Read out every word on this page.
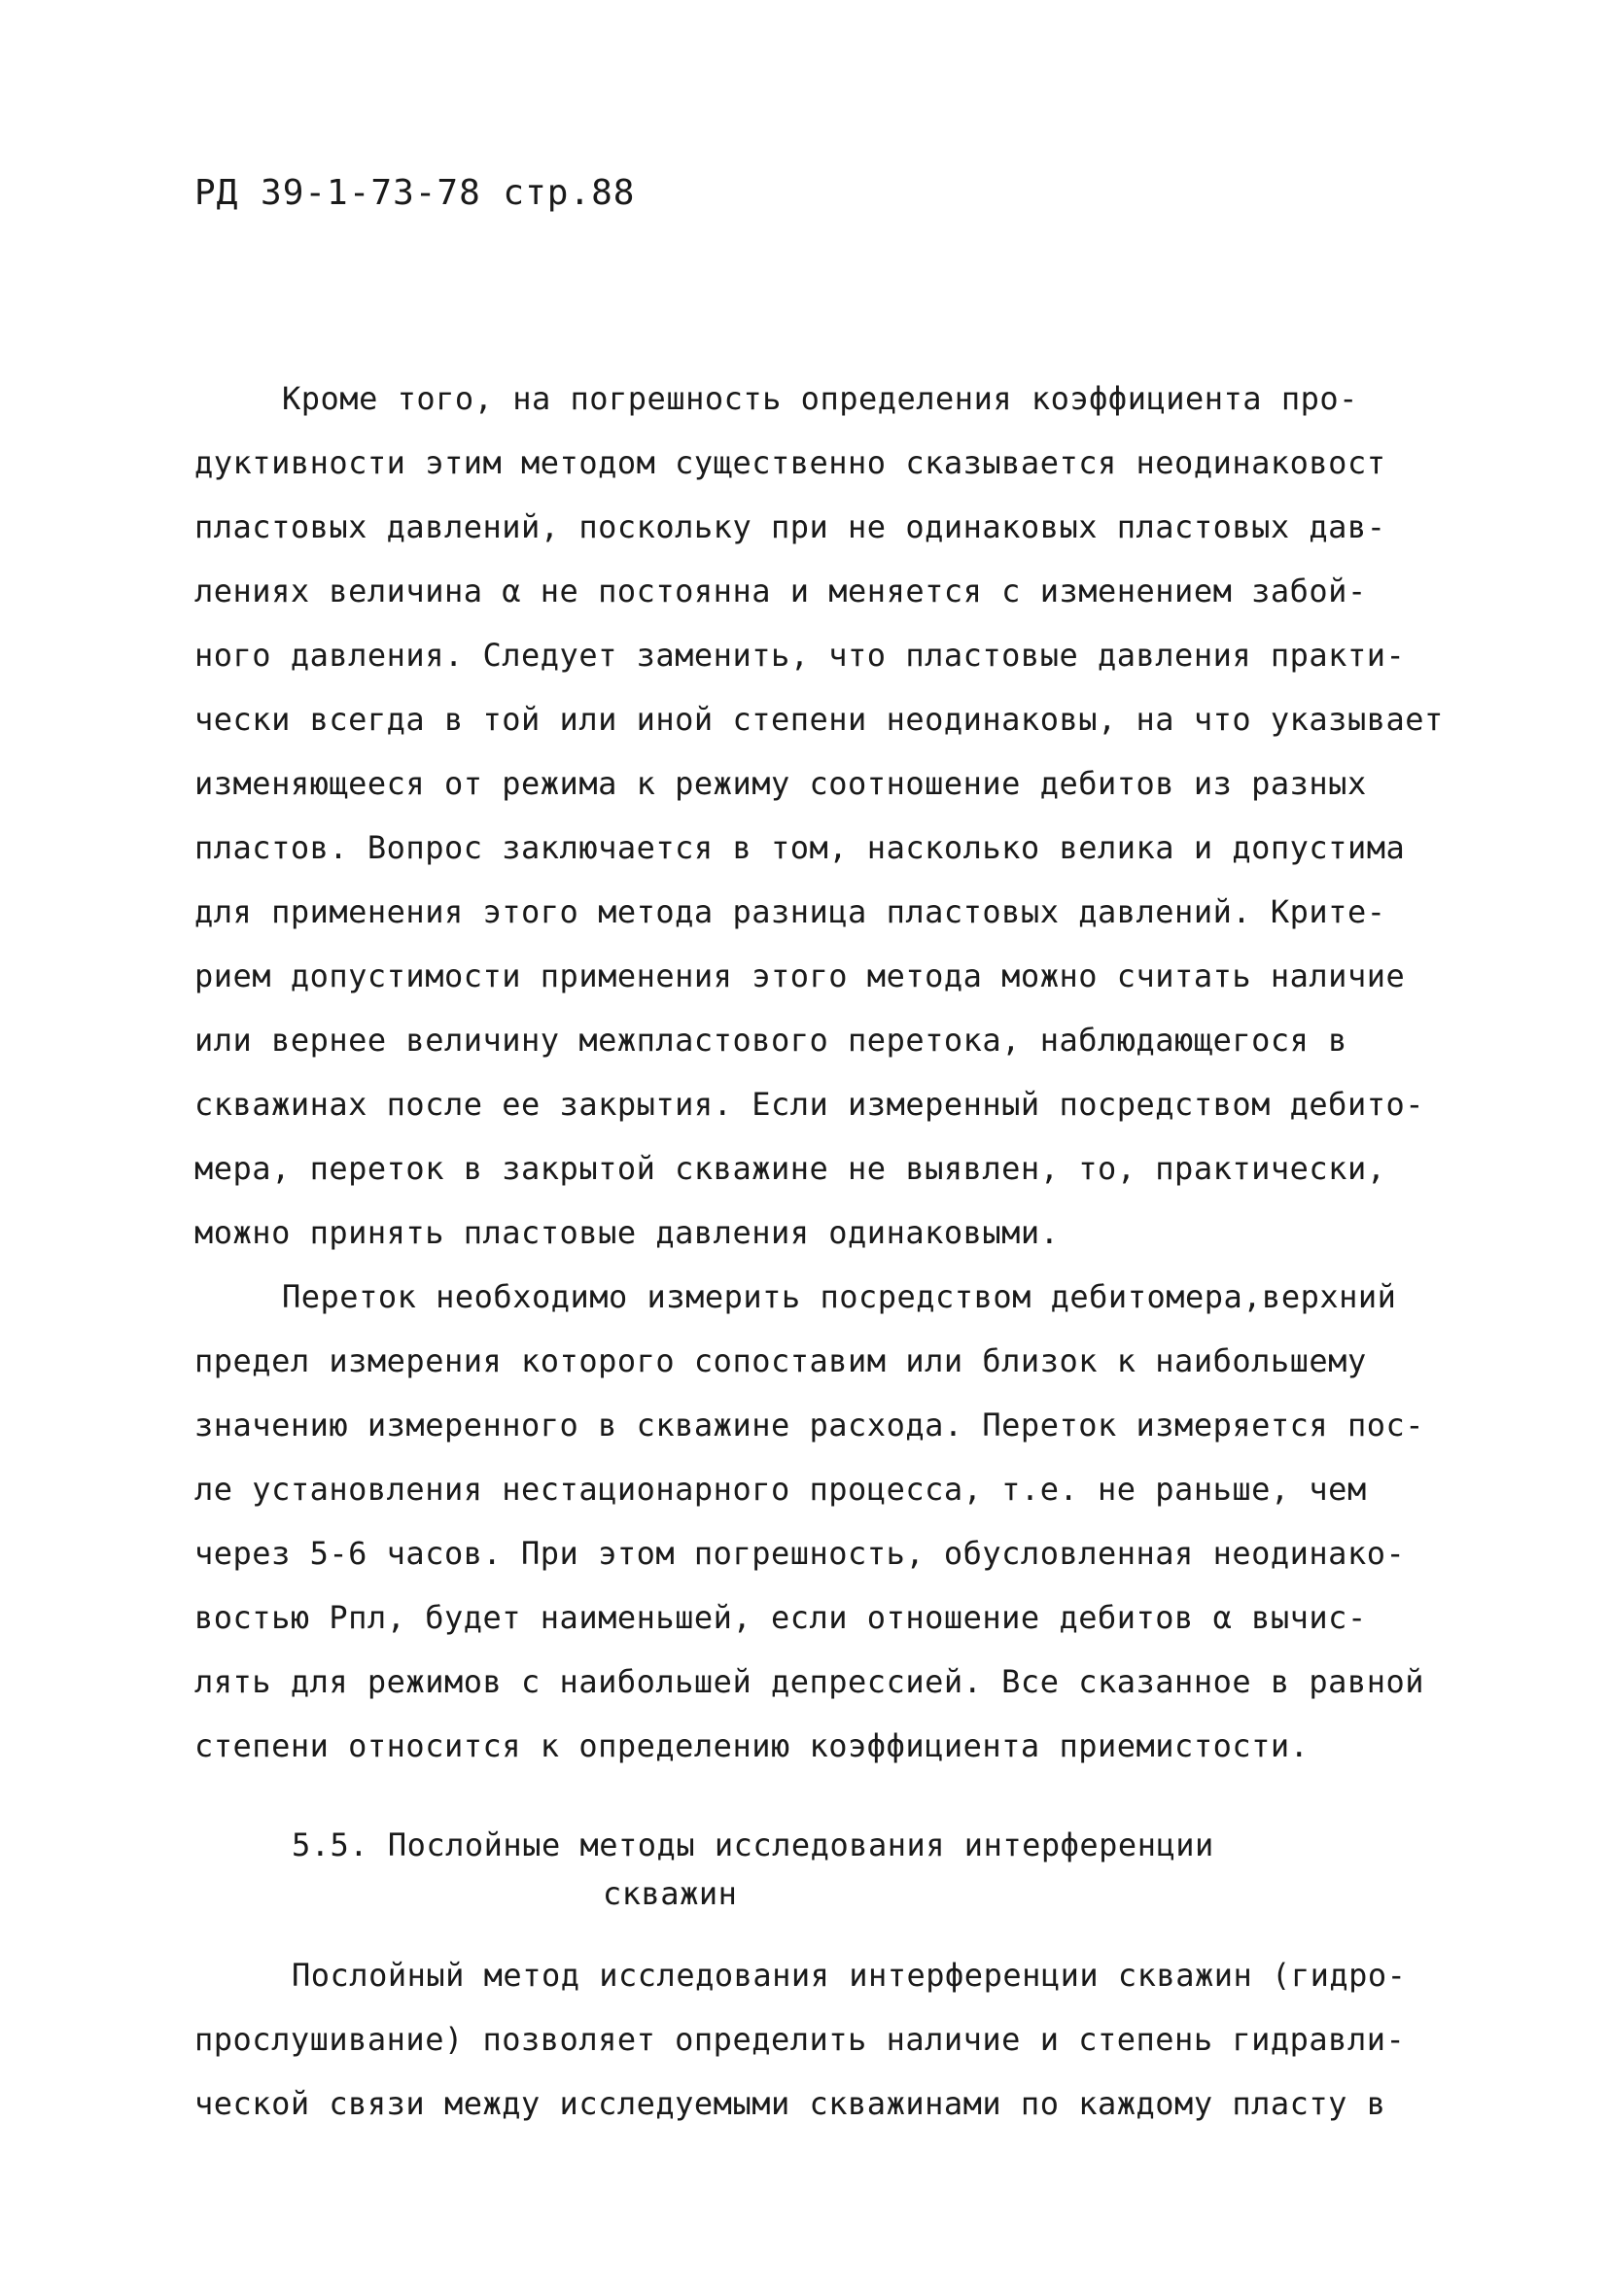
РД 39-1-73-78 стр.88
Кроме того, на погрешность определения коэффициента про-
дуктивности этим методом существенно сказывается неодинаковост
пластовых давлений, поскольку при не одинаковых пластовых дав-
лениях величина α не постоянна и меняется с изменением забой-
ного давления. Следует заменить, что пластовые давления практи-
чески всегда в той или иной степени неодинаковы, на что указывает
изменяющееся от режима к режиму соотношение дебитов из разных
пластов. Вопрос заключается в том, насколько велика и допустима
для применения этого метода разница пластовых давлений. Крите-
рием допустимости применения этого метода можно считать наличие
или вернее величину межпластового перетока, наблюдающегося в
скважинах после ее закрытия. Если измеренный посредством дебито-
мера, переток в закрытой скважине не выявлен, то, практически,
можно принять пластовые давления одинаковыми.
Переток необходимо измерить посредством дебитомера,верхний
предел измерения которого сопоставим или близок к наибольшему
значению измеренного в скважине расхода. Переток измеряется пос-
ле установления нестационарного процесса, т.е. не раньше, чем
через 5-6 часов. При этом погрешность, обусловленная неодинако-
востью Pпл, будет наименьшей, если отношение дебитов α вычис-
лять для режимов с наибольшей депрессией. Все сказанное в равной
степени относится к определению коэффициента приемистости.
5.5. Послойные методы исследования интерференции
скважин
Послойный метод исследования интерференции скважин (гидро-
прослушивание) позволяет определить наличие и степень гидравли-
ческой связи между исследуемыми скважинами по каждому пласту в
